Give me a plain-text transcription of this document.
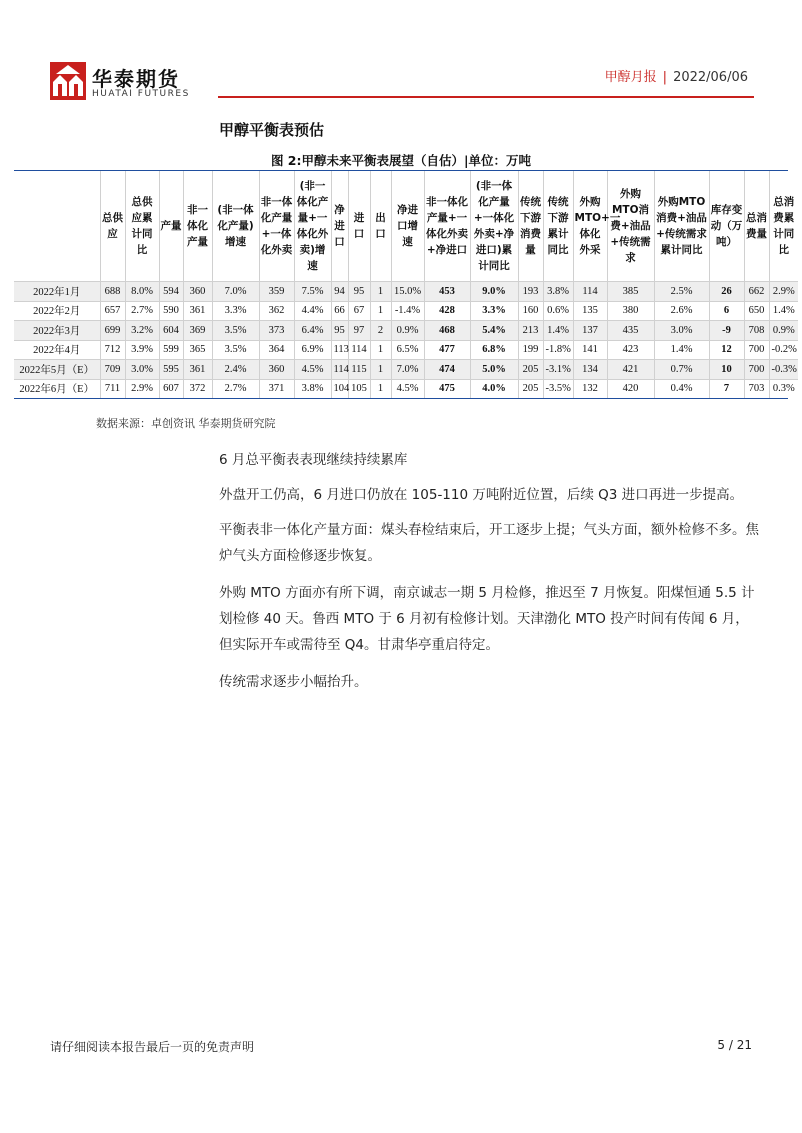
华泰期货
HUATAI FUTURES
甲醇月报 | 2022/06/06
甲醇平衡表预估
图 2:甲醇未来平衡表展望（自估）|单位：万吨
	总供应	总供应累计同比	产量	非一体化产量	(非一体化产量)增速	非一体化产量+一体化外卖	(非一体化产量+一体化外卖)增速	净进口	进口	出口	净进口增速	非一体化产量+一体化外卖+净进口	(非一体化产量+一体化外卖+净进口)累计同比	传统下游消费量	传统下游累计同比	外购MTO+一体化外采	外购MTO消费+油品+传统需求	外购MTO消费+油品+传统需求累计同比	库存变动（万吨）	总消费量	总消费累计同比
2022年1月	688	8.0%	594	360	7.0%	359	7.5%	94	95	1	15.0%	453	9.0%	193	3.8%	114	385	2.5%	26	662	2.9%
2022年2月	657	2.7%	590	361	3.3%	362	4.4%	66	67	1	-1.4%	428	3.3%	160	0.6%	135	380	2.6%	6	650	1.4%
2022年3月	699	3.2%	604	369	3.5%	373	6.4%	95	97	2	0.9%	468	5.4%	213	1.4%	137	435	3.0%	-9	708	0.9%
2022年4月	712	3.9%	599	365	3.5%	364	6.9%	113	114	1	6.5%	477	6.8%	199	-1.8%	141	423	1.4%	12	700	-0.2%
2022年5月（E）	709	3.0%	595	361	2.4%	360	4.5%	114	115	1	7.0%	474	5.0%	205	-3.1%	134	421	0.7%	10	700	-0.3%
2022年6月（E）	711	2.9%	607	372	2.7%	371	3.8%	104	105	1	4.5%	475	4.0%	205	-3.5%	132	420	0.4%	7	703	0.3%
数据来源：卓创资讯 华泰期货研究院
6 月总平衡表表现继续持续累库
外盘开工仍高，6 月进口仍放在 105-110 万吨附近位置，后续 Q3 进口再进一步提高。
平衡表非一体化产量方面：煤头春检结束后，开工逐步上提；气头方面，额外检修不多。焦炉气头方面检修逐步恢复。
外购 MTO 方面亦有所下调，南京诚志一期 5 月检修，推迟至 7 月恢复。阳煤恒通 5.5 计划检修 40 天。鲁西 MTO 于 6 月初有检修计划。天津渤化 MTO 投产时间有传闻 6 月，但实际开车或需待至 Q4。甘肃华亭重启待定。
传统需求逐步小幅抬升。
请仔细阅读本报告最后一页的免责声明	5 / 21
